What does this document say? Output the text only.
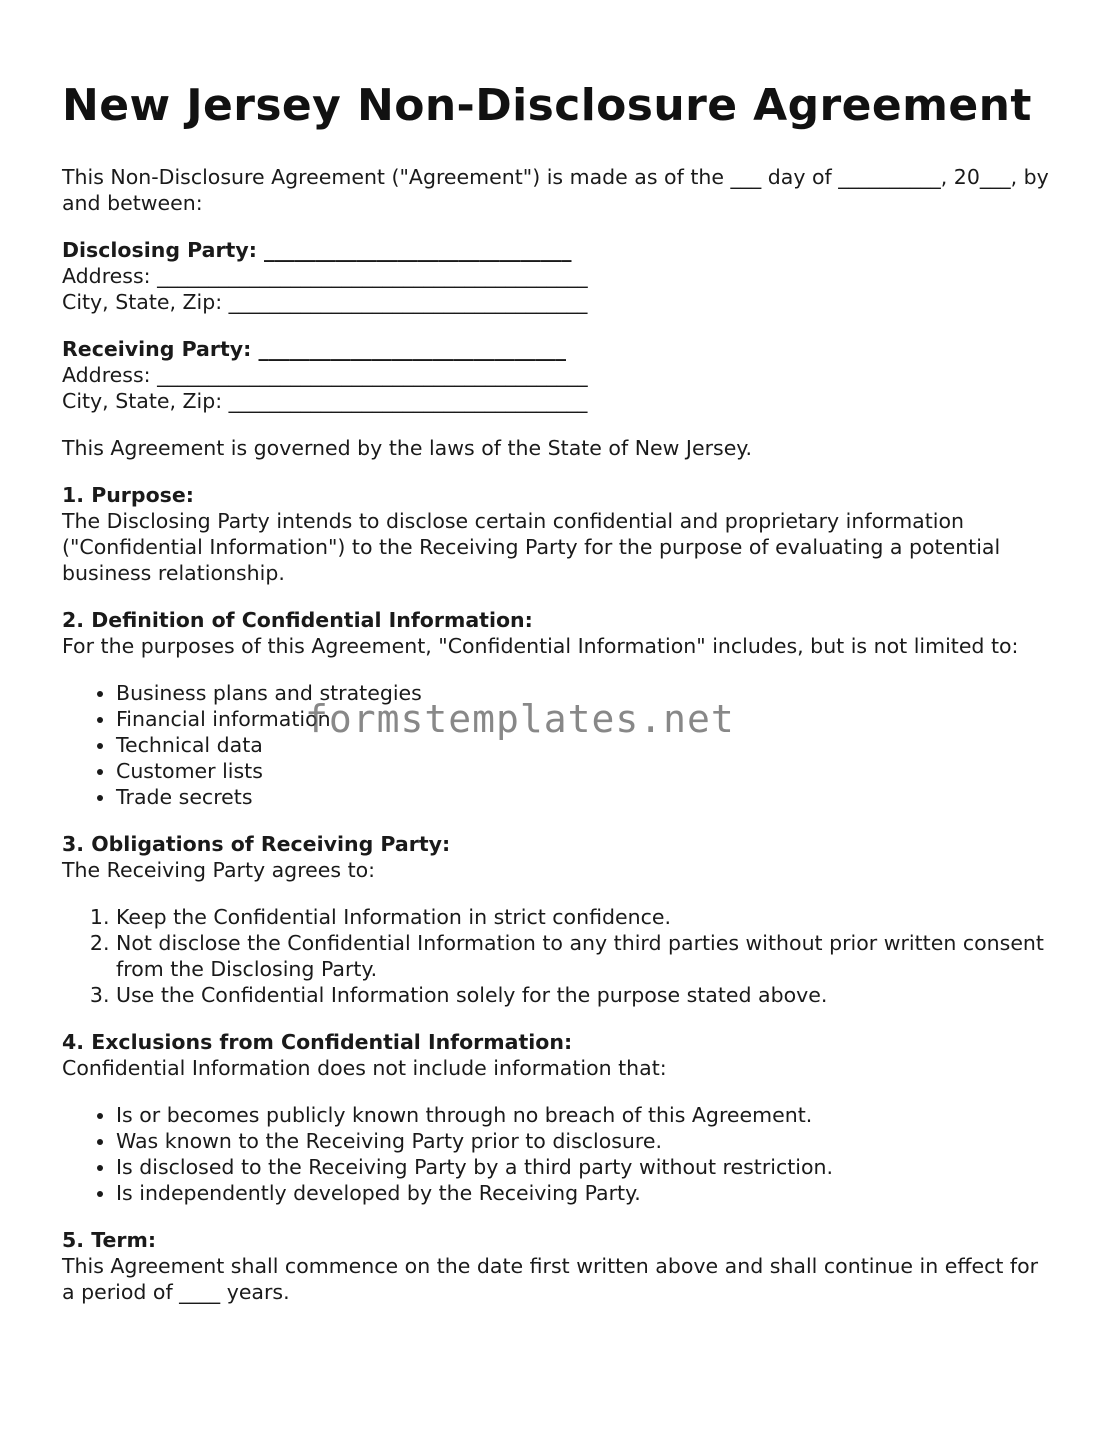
New Jersey Non-Disclosure Agreement

This Non-Disclosure Agreement ("Agreement") is made as of the ___ day of __________, 20___, by and between:

Disclosing Party: ______________________________
Address: __________________________________________
City, State, Zip: ___________________________________
Receiving Party: ______________________________
Address: __________________________________________
City, State, Zip: ___________________________________

This Agreement is governed by the laws of the State of New Jersey.

1. Purpose:
The Disclosing Party intends to disclose certain confidential and proprietary information ("Confidential Information") to the Receiving Party for the purpose of evaluating a potential business relationship.
2. Definition of Confidential Information:
For the purposes of this Agreement, "Confidential Information" includes, but is not limited to:
• Business plans and strategies
• Financial information
• Technical data
• Customer lists
• Trade secrets
3. Obligations of Receiving Party:
The Receiving Party agrees to:
1. Keep the Confidential Information in strict confidence.
2. Not disclose the Confidential Information to any third parties without prior written consent from the Disclosing Party.
3. Use the Confidential Information solely for the purpose stated above.
4. Exclusions from Confidential Information:
Confidential Information does not include information that:
• Is or becomes publicly known through no breach of this Agreement.
• Was known to the Receiving Party prior to disclosure.
• Is disclosed to the Receiving Party by a third party without restriction.
• Is independently developed by the Receiving Party.
5. Term:
This Agreement shall commence on the date first written above and shall continue in effect for a period of ____ years.
formstemplates.net
